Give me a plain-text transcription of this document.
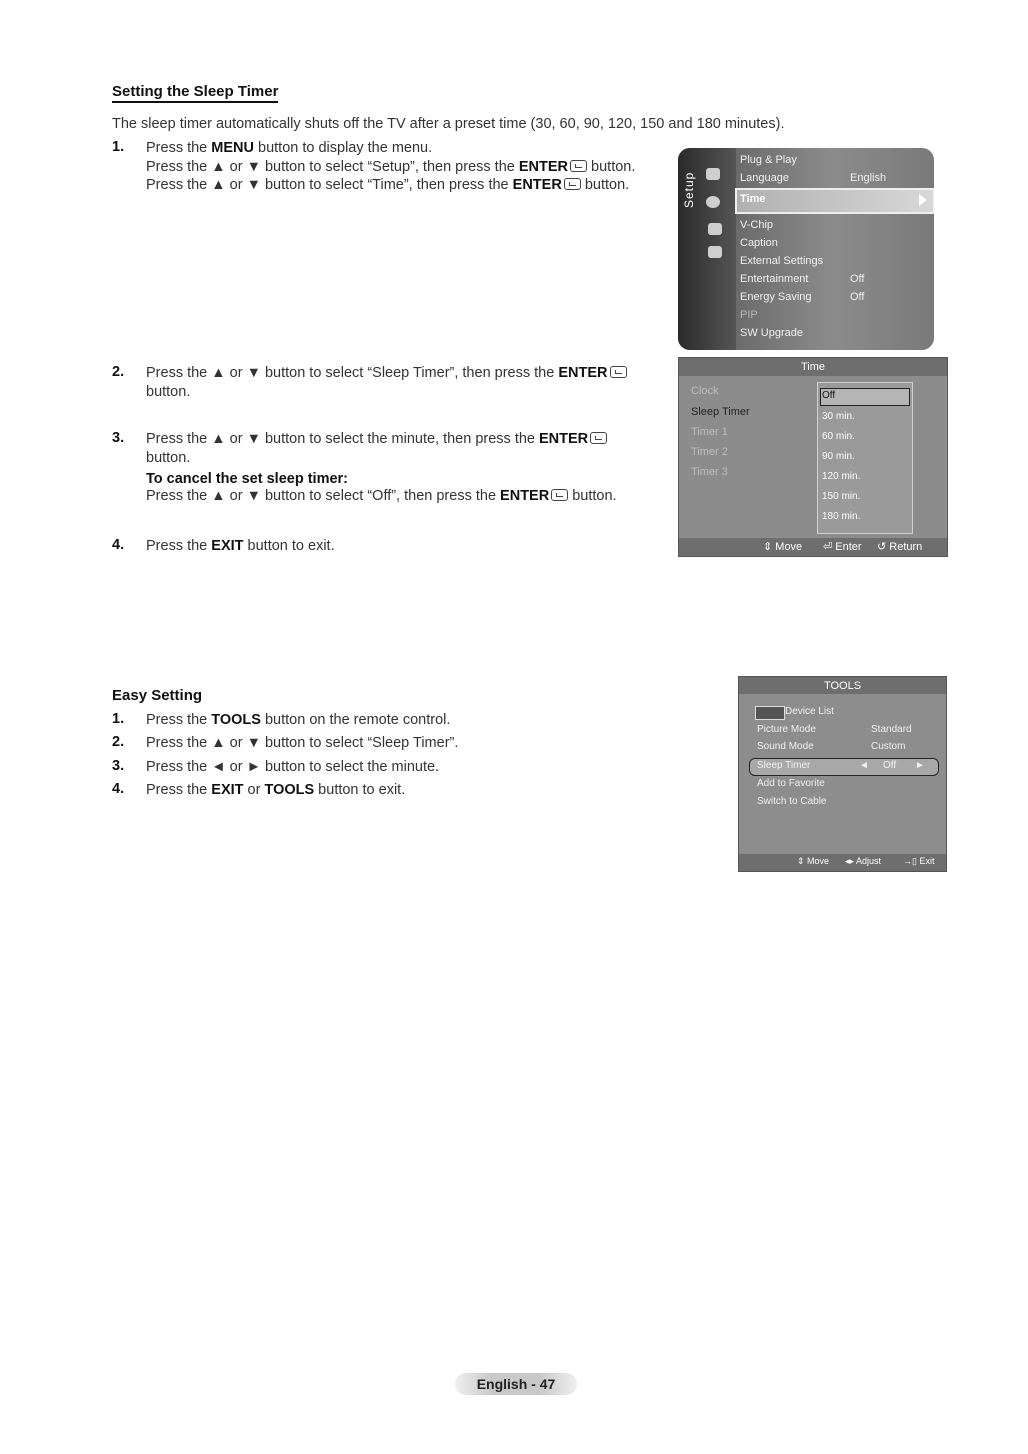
Setting the Sleep Timer
The sleep timer automatically shuts off the TV after a preset time (30, 60, 90, 120, 150 and 180 minutes).
1. Press the MENU button to display the menu.
Press the ▲ or ▼ button to select “Setup”, then press the ENTER button.
Press the ▲ or ▼ button to select “Time”, then press the ENTER button.
2. Press the ▲ or ▼ button to select “Sleep Timer”, then press the ENTER
button.
3. Press the ▲ or ▼ button to select the minute, then press the ENTER
button.
To cancel the set sleep timer:
Press the ▲ or ▼ button to select “Off”, then press the ENTER button.
4. Press the EXIT button to exit.
Setup
Plug & Play
Language	English
Time
V-Chip
Caption
External Settings
Entertainment	Off
Energy Saving	Off
PIP
SW Upgrade
Time
Clock
Sleep Timer
Timer 1
Timer 2
Timer 3
Off
30 min.
60 min.
90 min.
120 min.
150 min.
180 min.
⇕ Move ⏎ Enter ↺ Return
Easy Setting
1. Press the TOOLS button on the remote control.
2. Press the ▲ or ▼ button to select “Sleep Timer”.
3. Press the ◄ or ► button to select the minute.
4. Press the EXIT or TOOLS button to exit.
TOOLS
Device List
Picture Mode	Standard
Sound Mode	Custom
Sleep Timer	◄ Off ►
Add to Favorite
Switch to Cable
⇕ Move ◂▸ Adjust →▯ Exit
English - 47
